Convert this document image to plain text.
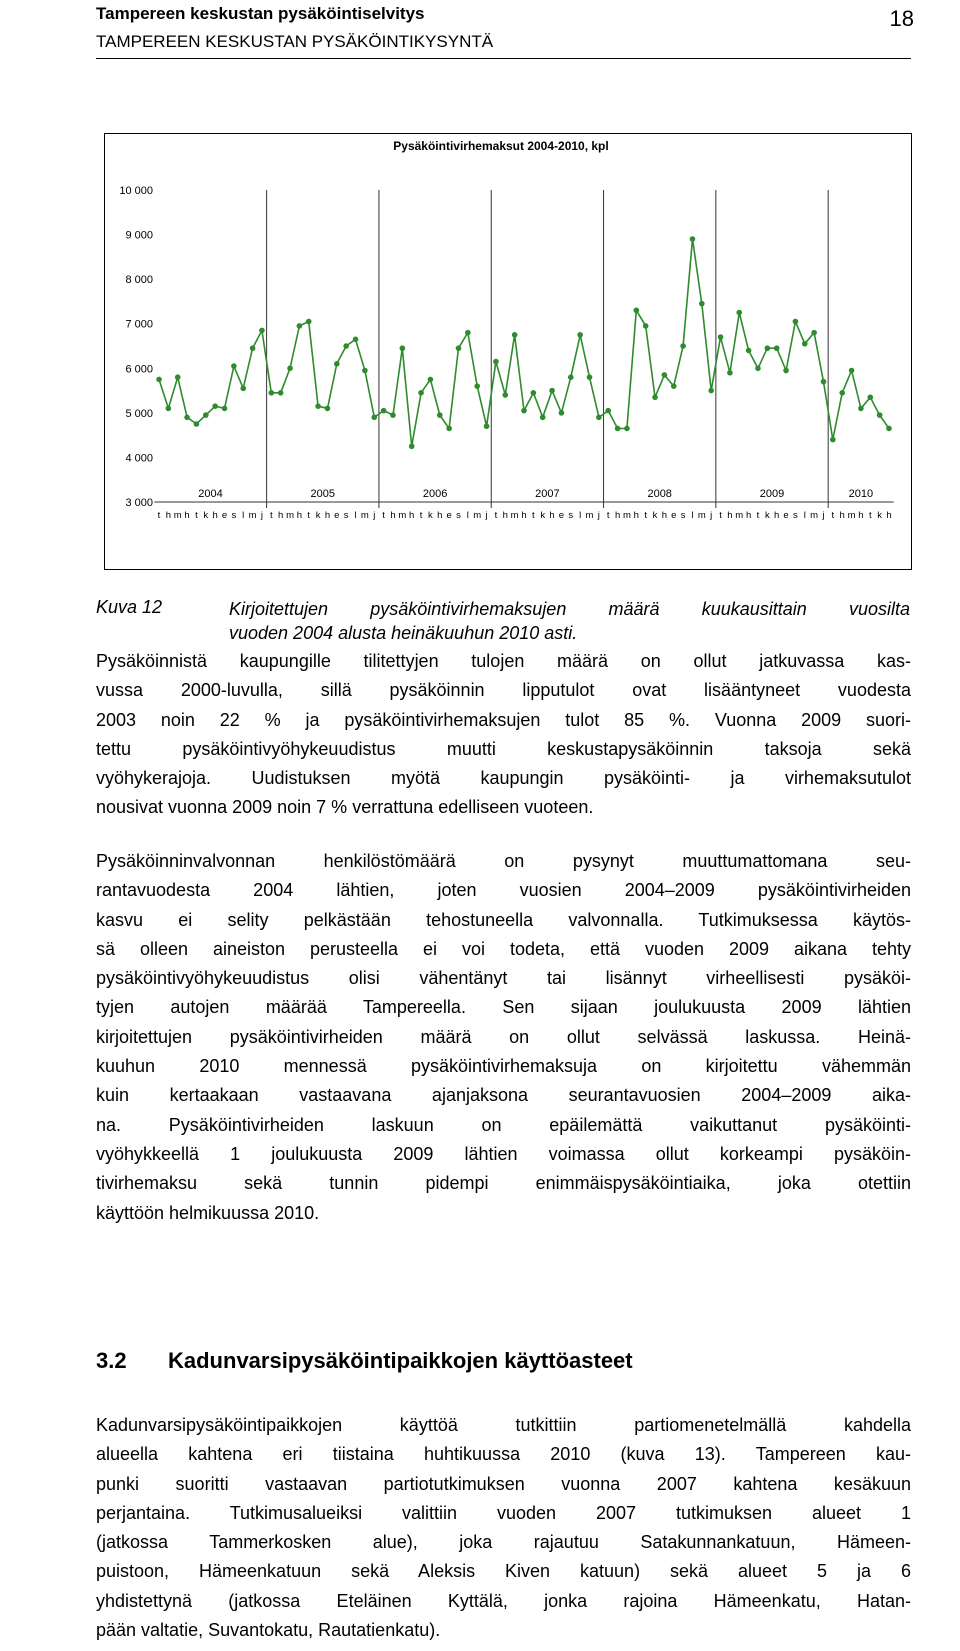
Tampereen keskustan pysäköintiselvitys
TAMPEREEN KESKUSTAN PYSÄKÖINTIKYSYNTÄ
18
Pysäköintivirhemaksut 2004-2010, kpl
3 000
4 000
5 000
6 000
7 000
8 000
9 000
10 000
2004	2005	2006	2007	2008	2009	2010
t h m h t k h e s l m j t h m h t k h e s l m j t h m h t k h e s l m j t h m h t k h e s l m j t h m h t k h e s l m j t h m h t k h e s l m j t h m h t k h
Kuva 12	Kirjoitettujen pysäköintivirhemaksujen määrä kuukausittain vuosilta
vuoden 2004 alusta heinäkuuhun 2010 asti.
Pysäköinnistä kaupungille tilitettyjen tulojen määrä on ollut jatkuvassa kas-
vussa 2000-luvulla, sillä pysäköinnin lipputulot ovat lisääntyneet vuodesta
2003 noin 22 % ja pysäköintivirhemaksujen tulot 85 %. Vuonna 2009 suori-
tettu pysäköintivyöhykeuudistus muutti keskustapysäköinnin taksoja sekä
vyöhykerajoja. Uudistuksen myötä kaupungin pysäköinti- ja virhemaksutulot
nousivat vuonna 2009 noin 7 % verrattuna edelliseen vuoteen.
Pysäköinninvalvonnan henkilöstömäärä on pysynyt muuttumattomana seu-
rantavuodesta 2004 lähtien, joten vuosien 2004–2009 pysäköintivirheiden
kasvu ei selity pelkästään tehostuneella valvonnalla. Tutkimuksessa käytös-
sä olleen aineiston perusteella ei voi todeta, että vuoden 2009 aikana tehty
pysäköintivyöhykeuudistus olisi vähentänyt tai lisännyt virheellisesti pysäköi-
tyjen autojen määrää Tampereella. Sen sijaan joulukuusta 2009 lähtien
kirjoitettujen pysäköintivirheiden määrä on ollut selvässä laskussa. Heinä-
kuuhun 2010 mennessä pysäköintivirhemaksuja on kirjoitettu vähemmän
kuin kertaakaan vastaavana ajanjaksona seurantavuosien 2004–2009 aika-
na. Pysäköintivirheiden laskuun on epäilemättä vaikuttanut pysäköinti-
vyöhykkeellä 1 joulukuusta 2009 lähtien voimassa ollut korkeampi pysäköin-
tivirhemaksu sekä tunnin pidempi enimmäispysäköintiaika, joka otettiin
käyttöön helmikuussa 2010.
3.2 Kadunvarsipysäköintipaikkojen käyttöasteet
Kadunvarsipysäköintipaikkojen käyttöä tutkittiin partiomenetelmällä kahdella
alueella kahtena eri tiistaina huhtikuussa 2010 (kuva 13). Tampereen kau-
punki suoritti vastaavan partiotutkimuksen vuonna 2007 kahtena kesäkuun
perjantaina. Tutkimusalueiksi valittiin vuoden 2007 tutkimuksen alueet 1
(jatkossa Tammerkosken alue), joka rajautuu Satakunnankatuun, Hämeen-
puistoon, Hämeenkatuun sekä Aleksis Kiven katuun) sekä alueet 5 ja 6
yhdistettynä (jatkossa Eteläinen Kyttälä, jonka rajoina Hämeenkatu, Hatan-
pään valtatie, Suvantokatu, Rautatienkatu).
